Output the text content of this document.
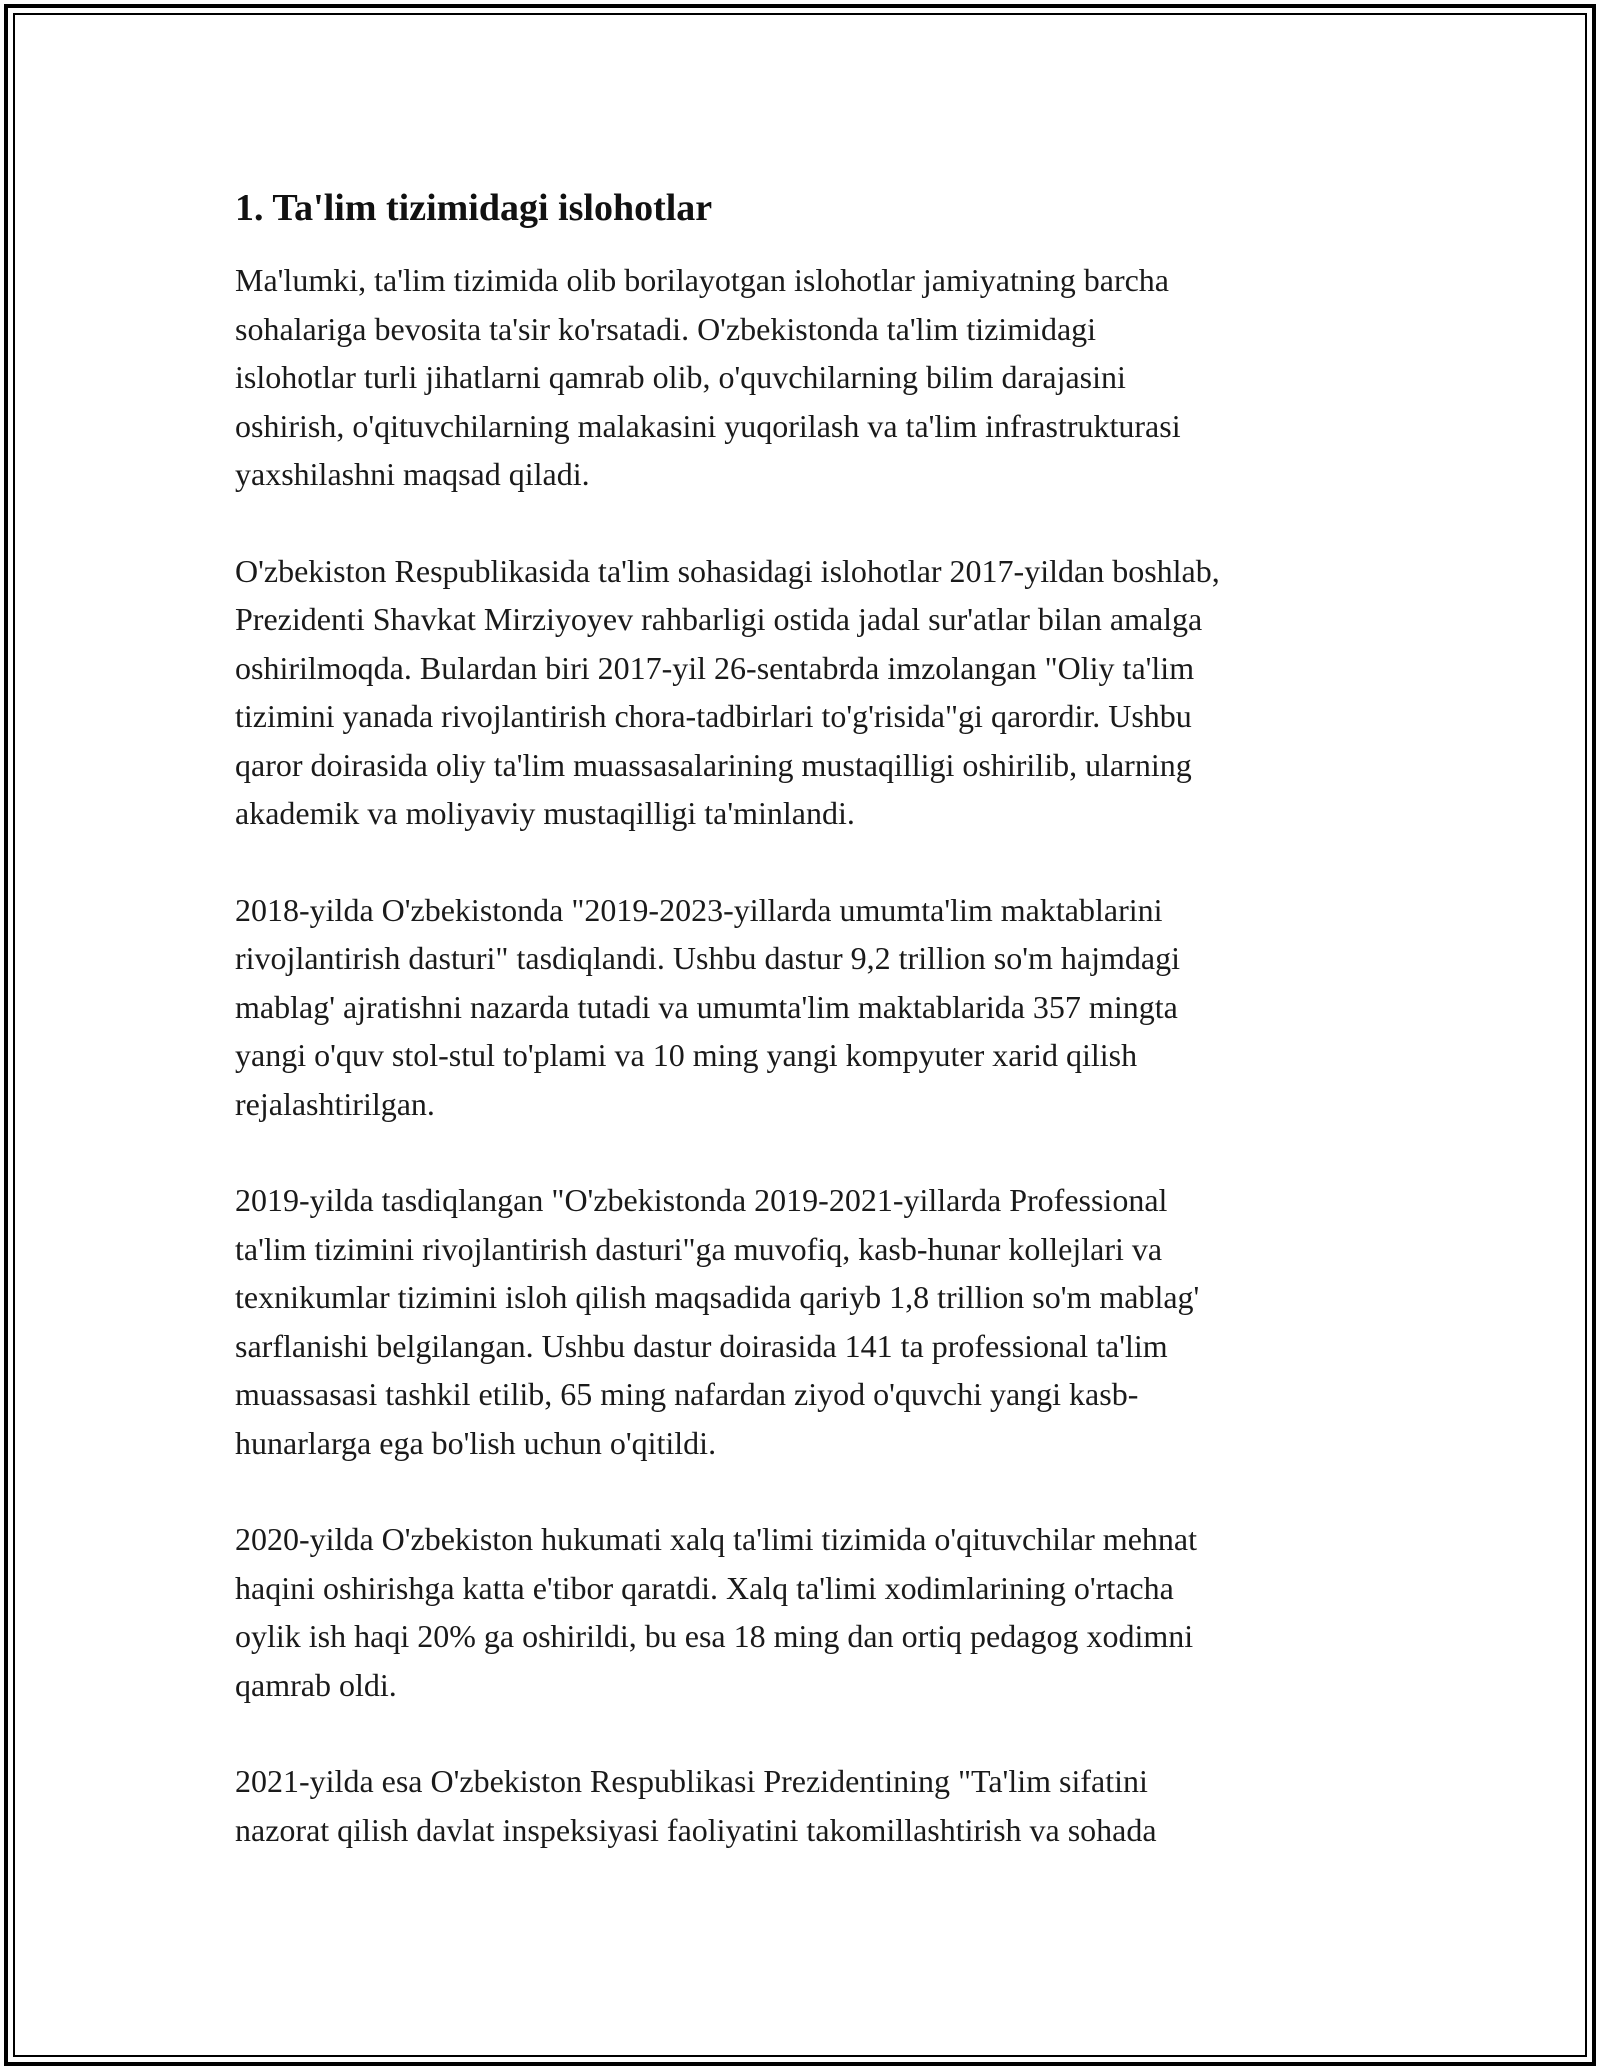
1. Ta'lim tizimidagi islohotlar

Ma'lumki, ta'lim tizimida olib borilayotgan islohotlar jamiyatning barcha
sohalariga bevosita ta'sir ko'rsatadi. O'zbekistonda ta'lim tizimidagi
islohotlar turli jihatlarni qamrab olib, o'quvchilarning bilim darajasini
oshirish, o'qituvchilarning malakasini yuqorilash va ta'lim infrastrukturasi
yaxshilashni maqsad qiladi.

O'zbekiston Respublikasida ta'lim sohasidagi islohotlar 2017-yildan boshlab,
Prezidenti Shavkat Mirziyoyev rahbarligi ostida jadal sur'atlar bilan amalga
oshirilmoqda. Bulardan biri 2017-yil 26-sentabrda imzolangan "Oliy ta'lim
tizimini yanada rivojlantirish chora-tadbirlari to'g'risida"gi qarordir. Ushbu
qaror doirasida oliy ta'lim muassasalarining mustaqilligi oshirilib, ularning
akademik va moliyaviy mustaqilligi ta'minlandi.

2018-yilda O'zbekistonda "2019-2023-yillarda umumta'lim maktablarini
rivojlantirish dasturi" tasdiqlandi. Ushbu dastur 9,2 trillion so'm hajmdagi
mablag' ajratishni nazarda tutadi va umumta'lim maktablarida 357 mingta
yangi o'quv stol-stul to'plami va 10 ming yangi kompyuter xarid qilish
rejalashtirilgan.

2019-yilda tasdiqlangan "O'zbekistonda 2019-2021-yillarda Professional
ta'lim tizimini rivojlantirish dasturi"ga muvofiq, kasb-hunar kollejlari va
texnikumlar tizimini isloh qilish maqsadida qariyb 1,8 trillion so'm mablag'
sarflanishi belgilangan. Ushbu dastur doirasida 141 ta professional ta'lim
muassasasi tashkil etilib, 65 ming nafardan ziyod o'quvchi yangi kasb-
hunarlarga ega bo'lish uchun o'qitildi.

2020-yilda O'zbekiston hukumati xalq ta'limi tizimida o'qituvchilar mehnat
haqini oshirishga katta e'tibor qaratdi. Xalq ta'limi xodimlarining o'rtacha
oylik ish haqi 20% ga oshirildi, bu esa 18 ming dan ortiq pedagog xodimni
qamrab oldi.

2021-yilda esa O'zbekiston Respublikasi Prezidentining "Ta'lim sifatini
nazorat qilish davlat inspeksiyasi faoliyatini takomillashtirish va sohada
